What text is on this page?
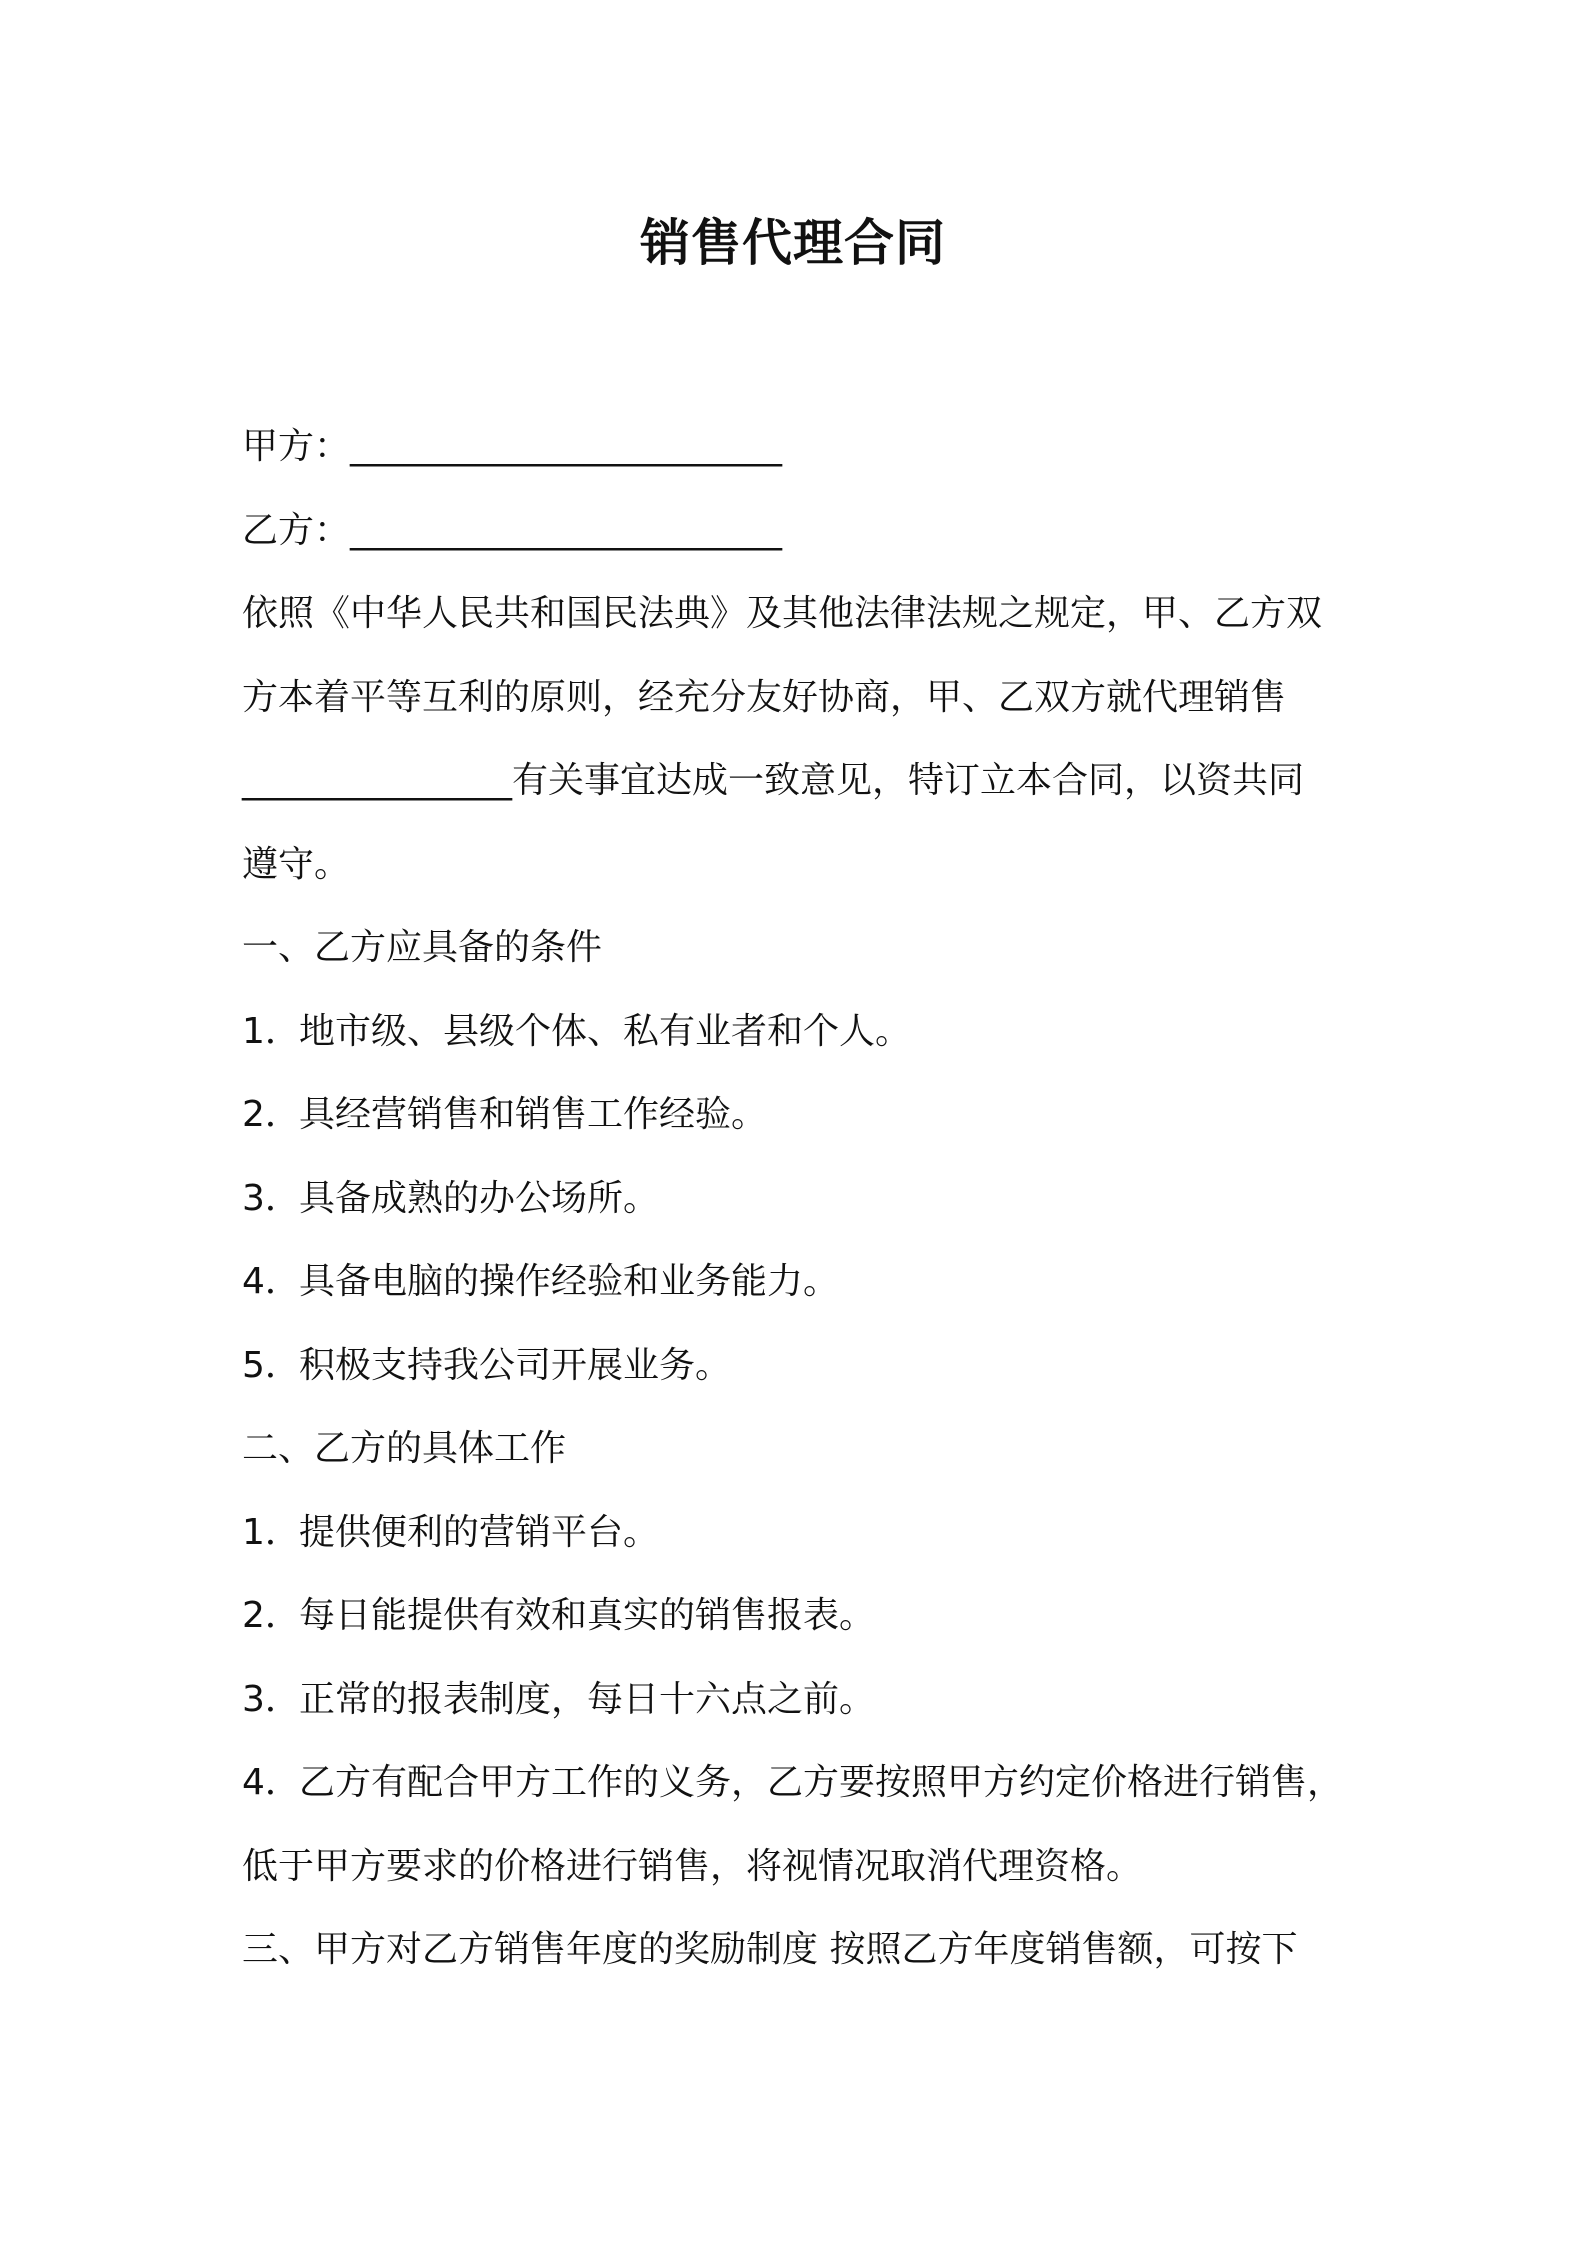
销售代理合同
甲方：________________________
乙方：________________________
依照《中华人民共和国民法典》及其他法律法规之规定，甲、乙方双
方本着平等互利的原则，经充分友好协商，甲、乙双方就代理销售
_______________有关事宜达成一致意见，特订立本合同，以资共同
遵守。
一、乙方应具备的条件
1．地市级、县级个体、私有业者和个人。
2．具经营销售和销售工作经验。
3．具备成熟的办公场所。
4．具备电脑的操作经验和业务能力。
5．积极支持我公司开展业务。
二、乙方的具体工作
1．提供便利的营销平台。
2．每日能提供有效和真实的销售报表。
3．正常的报表制度，每日十六点之前。
4．乙方有配合甲方工作的义务，乙方要按照甲方约定价格进行销售，
低于甲方要求的价格进行销售，将视情况取消代理资格。
三、甲方对乙方销售年度的奖励制度 按照乙方年度销售额，可按下
